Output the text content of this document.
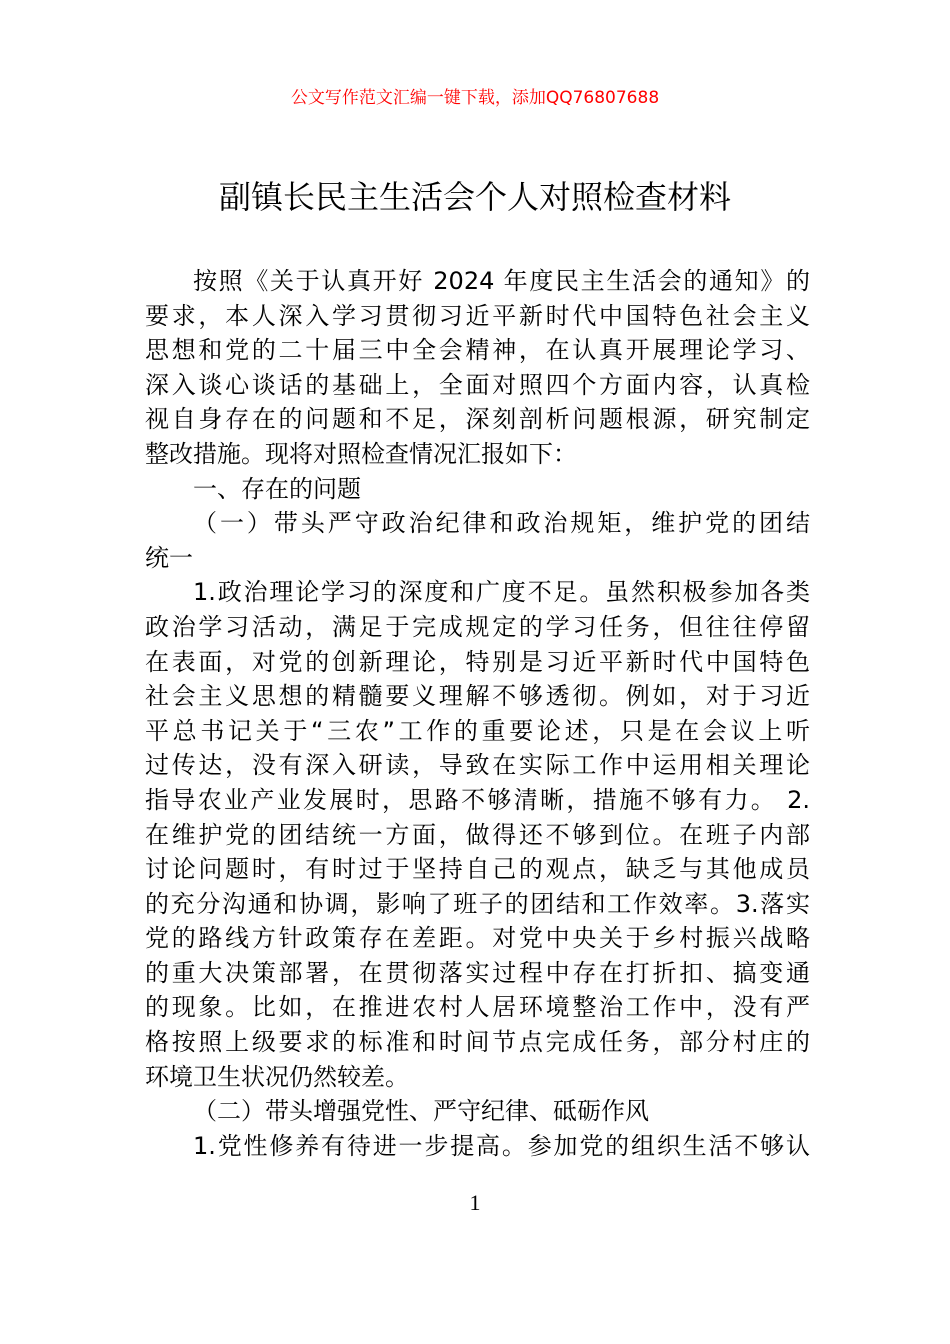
公文写作范文汇编一键下载，添加QQ76807688
副镇长民主生活会个人对照检查材料
按照《关于认真开好 2024 年度民主生活会的通知》的
要求，本人深入学习贯彻习近平新时代中国特色社会主义
思想和党的二十届三中全会精神，在认真开展理论学习、
深入谈心谈话的基础上，全面对照四个方面内容，认真检
视自身存在的问题和不足，深刻剖析问题根源，研究制定
整改措施。现将对照检查情况汇报如下：
一、存在的问题
（一）带头严守政治纪律和政治规矩，维护党的团结
统一
1.政治理论学习的深度和广度不足。虽然积极参加各类
政治学习活动，满足于完成规定的学习任务，但往往停留
在表面，对党的创新理论，特别是习近平新时代中国特色
社会主义思想的精髓要义理解不够透彻。例如，对于习近
平总书记关于“三农”工作的重要论述，只是在会议上听
过传达，没有深入研读，导致在实际工作中运用相关理论
指导农业产业发展时，思路不够清晰，措施不够有力。 2.
在维护党的团结统一方面，做得还不够到位。在班子内部
讨论问题时，有时过于坚持自己的观点，缺乏与其他成员
的充分沟通和协调，影响了班子的团结和工作效率。3.落实
党的路线方针政策存在差距。对党中央关于乡村振兴战略
的重大决策部署，在贯彻落实过程中存在打折扣、搞变通
的现象。比如，在推进农村人居环境整治工作中，没有严
格按照上级要求的标准和时间节点完成任务，部分村庄的
环境卫生状况仍然较差。
（二）带头增强党性、严守纪律、砥砺作风
1.党性修养有待进一步提高。参加党的组织生活不够认
1
